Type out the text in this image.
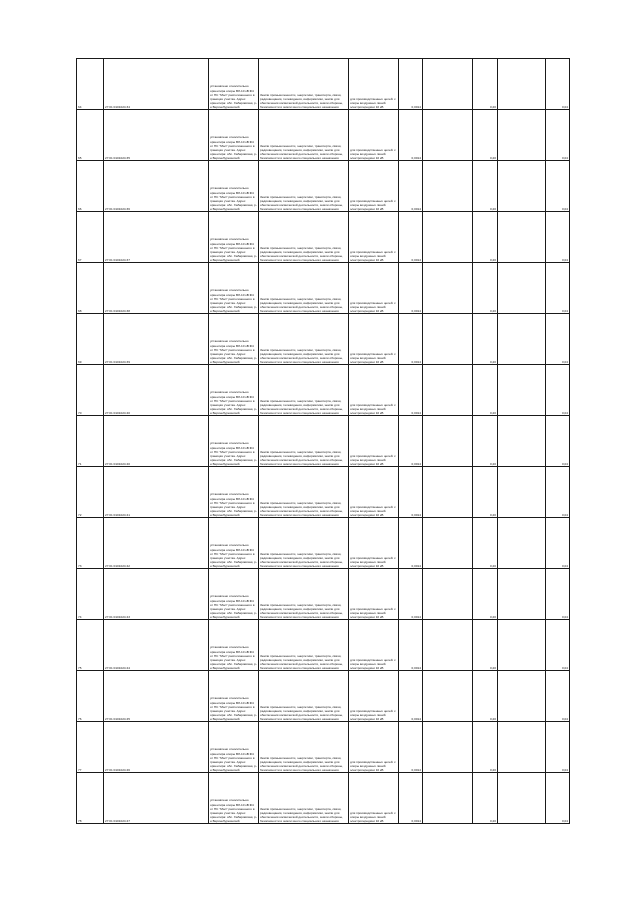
64	27:01:0101024:34	установлено относительно ориентира опоры ВЛ-10 кВ Ф4 от ПС "Мал" расположенного в границах участка. Адрес ориентира: обл. Хабаровская, р-н Верхнебуреинский	Земли промышленности, энергетики, транспорта, связи, радиовещания, телевидения, информатики, земли для обеспечения космической деятельности, земли обороны, безопасности и земли иного специального назначения	для производственных целей: с опоры воздушных линий электропередачи 10 кВ	0,0014		0,20		0,04
65	27:01:0101024:35	установлено относительно ориентира опоры ВЛ-10 кВ Ф4 от ПС "Мал" расположенного в границах участка. Адрес ориентира: обл. Хабаровская, р-н Верхнебуреинский	Земли промышленности, энергетики, транспорта, связи, радиовещания, телевидения, информатики, земли для обеспечения космической деятельности, земли обороны, безопасности и земли иного специального назначения	для производственных целей: с опоры воздушных линий электропередачи 10 кВ	0,0014		0,20		0,04
66	27:01:0101024:36	установлено относительно ориентира опоры ВЛ-10 кВ Ф4 от ПС "Мал" расположенного в границах участка. Адрес ориентира: обл. Хабаровская, р-н Верхнебуреинский	Земли промышленности, энергетики, транспорта, связи, радиовещания, телевидения, информатики, земли для обеспечения космической деятельности, земли обороны, безопасности и земли иного специального назначения	для производственных целей: с опоры воздушных линий электропередачи 10 кВ	0,0014		0,20		0,04
67	27:01:0101024:37	установлено относительно ориентира опоры ВЛ-10 кВ Ф4 от ПС "Мал" расположенного в границах участка. Адрес ориентира: обл. Хабаровская, р-н Верхнебуреинский	Земли промышленности, энергетики, транспорта, связи, радиовещания, телевидения, информатики, земли для обеспечения космической деятельности, земли обороны, безопасности и земли иного специального назначения	для производственных целей: с опоры воздушных линий электропередачи 10 кВ	0,0014		0,20		0,04
68	27:01:0101024:38	установлено относительно ориентира опоры ВЛ-10 кВ Ф4 от ПС "Мал" расположенного в границах участка. Адрес ориентира: обл. Хабаровская, р-н Верхнебуреинский	Земли промышленности, энергетики, транспорта, связи, радиовещания, телевидения, информатики, земли для обеспечения космической деятельности, земли обороны, безопасности и земли иного специального назначения	для производственных целей: с опоры воздушных линий электропередачи 10 кВ	0,0014		0,20		0,04
69	27:01:0101024:39	установлено относительно ориентира опоры ВЛ-10 кВ Ф4 от ПС "Мал" расположенного в границах участка. Адрес ориентира: обл. Хабаровская, р-н Верхнебуреинский	Земли промышленности, энергетики, транспорта, связи, радиовещания, телевидения, информатики, земли для обеспечения космической деятельности, земли обороны, безопасности и земли иного специального назначения	для производственных целей: с опоры воздушных линий электропередачи 10 кВ	0,0014		0,20		0,04
70	27:01:0101024:40	установлено относительно ориентира опоры ВЛ-10 кВ Ф4 от ПС "Мал" расположенного в границах участка. Адрес ориентира: обл. Хабаровская, р-н Верхнебуреинский	Земли промышленности, энергетики, транспорта, связи, радиовещания, телевидения, информатики, земли для обеспечения космической деятельности, земли обороны, безопасности и земли иного специального назначения	для производственных целей: с опоры воздушных линий электропередачи 10 кВ	0,0014		0,20		0,04
71	27:01:0101024:40	установлено относительно ориентира опоры ВЛ-10 кВ Ф4 от ПС "Мал" расположенного в границах участка. Адрес ориентира: обл. Хабаровская, р-н Верхнебуреинский	Земли промышленности, энергетики, транспорта, связи, радиовещания, телевидения, информатики, земли для обеспечения космической деятельности, земли обороны, безопасности и земли иного специального назначения	для производственных целей: с опоры воздушных линий электропередачи 10 кВ	0,0014		0,20		0,04
72	27:01:0101024:41	установлено относительно ориентира опоры ВЛ-10 кВ Ф4 от ПС "Мал" расположенного в границах участка. Адрес ориентира: обл. Хабаровская, р-н Верхнебуреинский	Земли промышленности, энергетики, транспорта, связи, радиовещания, телевидения, информатики, земли для обеспечения космической деятельности, земли обороны, безопасности и земли иного специального назначения	для производственных целей: с опоры воздушных линий электропередачи 10 кВ	0,0014		0,20		0,04
73	27:01:0101024:42	установлено относительно ориентира опоры ВЛ-10 кВ Ф4 от ПС "Мал" расположенного в границах участка. Адрес ориентира: обл. Хабаровская, р-н Верхнебуреинский	Земли промышленности, энергетики, транспорта, связи, радиовещания, телевидения, информатики, земли для обеспечения космической деятельности, земли обороны, безопасности и земли иного специального назначения	для производственных целей: с опоры воздушных линий электропередачи 10 кВ	0,0014		0,20		0,04
74	27:01:0101024:43	установлено относительно ориентира опоры ВЛ-10 кВ Ф4 от ПС "Мал" расположенного в границах участка. Адрес ориентира: обл. Хабаровская, р-н Верхнебуреинский	Земли промышленности, энергетики, транспорта, связи, радиовещания, телевидения, информатики, земли для обеспечения космической деятельности, земли обороны, безопасности и земли иного специального назначения	для производственных целей: с опоры воздушных линий электропередачи 10 кВ	0,0014		0,20		0,04
75	27:01:0101024:44	установлено относительно ориентира опоры ВЛ-10 кВ Ф4 от ПС "Мал" расположенного в границах участка. Адрес ориентира: обл. Хабаровская, р-н Верхнебуреинский	Земли промышленности, энергетики, транспорта, связи, радиовещания, телевидения, информатики, земли для обеспечения космической деятельности, земли обороны, безопасности и земли иного специального назначения	для производственных целей: с опоры воздушных линий электропередачи 10 кВ	0,0014		0,20		0,04
76	27:01:0101024:45	установлено относительно ориентира опоры ВЛ-10 кВ Ф4 от ПС "Мал" расположенного в границах участка. Адрес ориентира: обл. Хабаровская, р-н Верхнебуреинский	Земли промышленности, энергетики, транспорта, связи, радиовещания, телевидения, информатики, земли для обеспечения космической деятельности, земли обороны, безопасности и земли иного специального назначения	для производственных целей: с опоры воздушных линий электропередачи 10 кВ	0,0014		0,20		0,04
77	27:01:0101024:46	установлено относительно ориентира опоры ВЛ-10 кВ Ф4 от ПС "Мал" расположенного в границах участка. Адрес ориентира: обл. Хабаровская, р-н Верхнебуреинский	Земли промышленности, энергетики, транспорта, связи, радиовещания, телевидения, информатики, земли для обеспечения космической деятельности, земли обороны, безопасности и земли иного специального назначения	для производственных целей: с опоры воздушных линий электропередачи 10 кВ	0,0014		0,20		0,04
78	27:01:0101024:47	установлено относительно ориентира опоры ВЛ-10 кВ Ф4 от ПС "Мал" расположенного в границах участка. Адрес ориентира: обл. Хабаровская, р-н Верхнебуреинский	Земли промышленности, энергетики, транспорта, связи, радиовещания, телевидения, информатики, земли для обеспечения космической деятельности, земли обороны, безопасности и земли иного специального назначения	для производственных целей: с опоры воздушных линий электропередачи 10 кВ	0,0014		0,20		0,04
